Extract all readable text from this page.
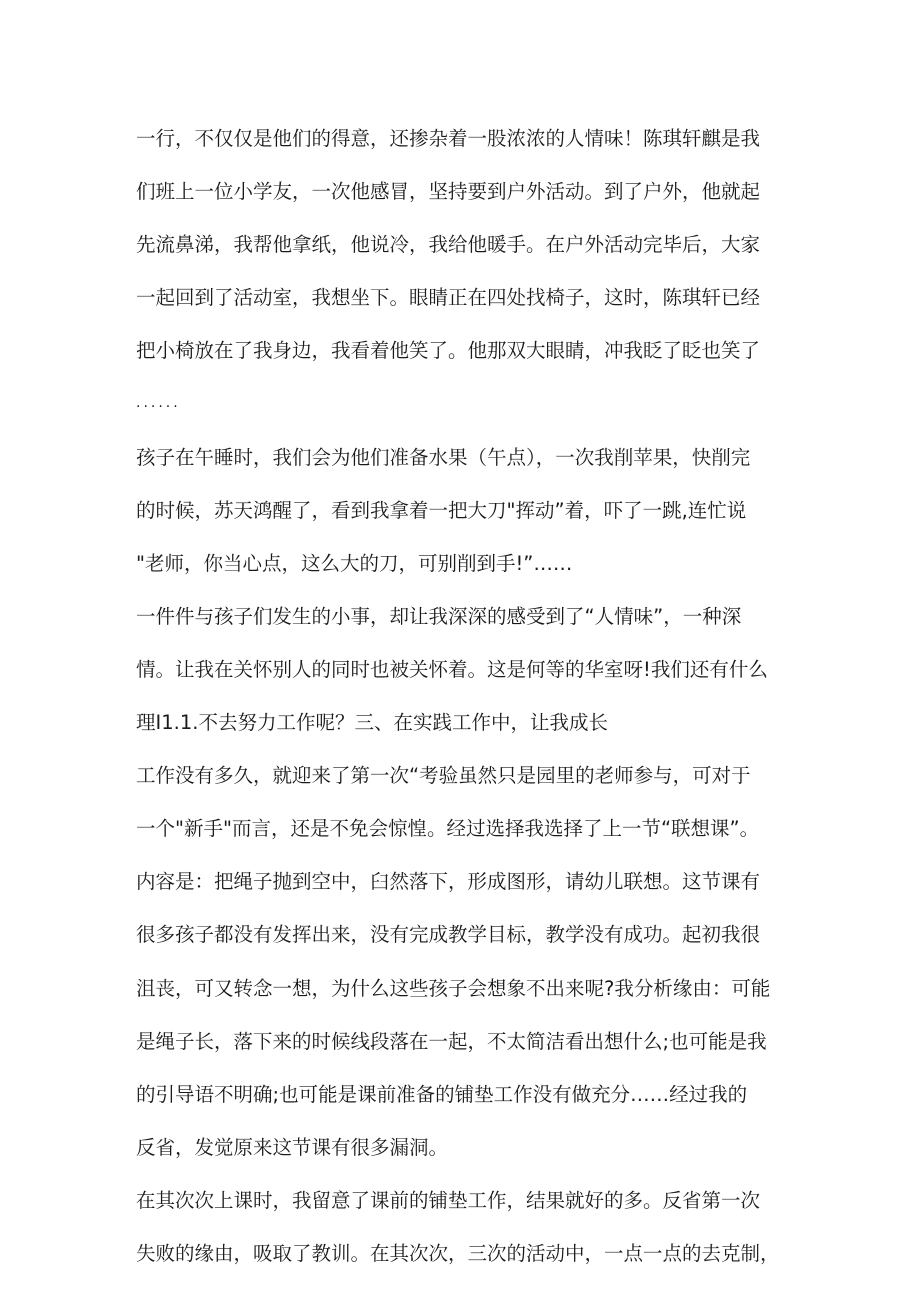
一行，不仅仅是他们的得意，还掺杂着一股浓浓的人情味！陈琪轩麒是我
们班上一位小学友，一次他感冒，坚持要到户外活动。到了户外，他就起
先流鼻涕，我帮他拿纸，他说冷，我给他暖手。在户外活动完毕后，大家
一起回到了活动室，我想坐下。眼睛正在四处找椅子，这时，陈琪轩已经
把小椅放在了我身边，我看着他笑了。他那双大眼睛，冲我眨了眨也笑了
......
孩子在午睡时，我们会为他们准备水果（午点），一次我削苹果，快削完
的时候，苏天鸿醒了，看到我拿着一把大刀"挥动”着，吓了一跳,连忙说
"老师，你当心点，这么大的刀，可别削到手!”……
一件件与孩子们发生的小事，却让我深深的感受到了“人情味”，一种深
情。让我在关怀别人的同时也被关怀着。这是何等的华室呀!我们还有什么
理I1.1.不去努力工作呢？三、在实践工作中，让我成长
工作没有多久，就迎来了第一次“考验虽然只是园里的老师参与，可对于
一个"新手"而言，还是不免会惊惶。经过选择我选择了上一节“联想课”。
内容是：把绳子抛到空中，臼然落下，形成图形，请幼儿联想。这节课有
很多孩子都没有发挥出来，没有完成教学目标，教学没有成功。起初我很
沮丧，可又转念一想，为什么这些孩子会想象不出来呢?我分析缘由：可能
是绳子长，落下来的时候线段落在一起，不太简洁看出想什么;也可能是我
的引导语不明确;也可能是课前准备的铺垫工作没有做充分……经过我的
反省，发觉原来这节课有很多漏洞。
在其次次上课时，我留意了课前的铺垫工作，结果就好的多。反省第一次
失败的缘由，吸取了教训。在其次次，三次的活动中，一点一点的去克制，
